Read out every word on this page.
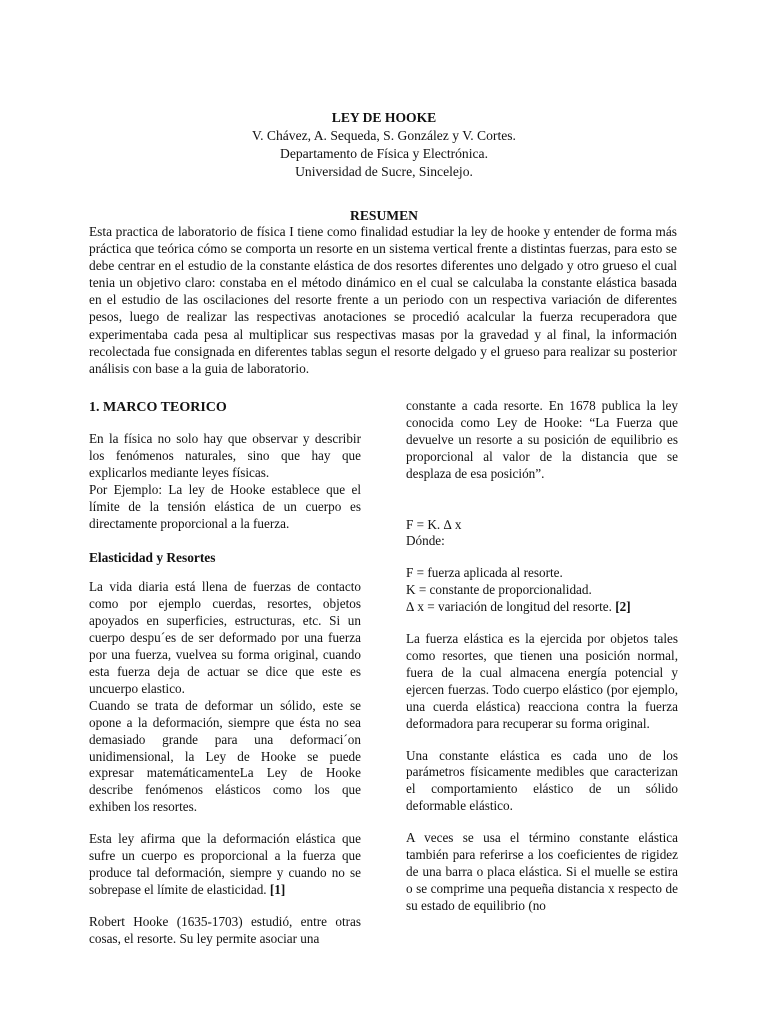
LEY DE HOOKE
V. Chávez, A. Sequeda, S. González y V. Cortes.
Departamento de Física y Electrónica.
Universidad de Sucre, Sincelejo.
RESUMEN

Esta practica de laboratorio de física I tiene como finalidad estudiar la ley de hooke y entender de forma más práctica que teórica cómo se comporta un resorte en un sistema vertical frente a distintas fuerzas, para esto se debe centrar en el estudio de la constante elástica de dos resortes diferentes uno delgado y otro grueso el cual tenia un objetivo claro: constaba en el método dinámico en el cual se calculaba la constante elástica basada en el estudio de las oscilaciones del resorte frente a un periodo con un respectiva variación de diferentes pesos, luego de realizar las respectivas anotaciones se procedió acalcular la fuerza recuperadora que experimentaba cada pesa al multiplicar sus respectivas masas por la gravedad y al final, la información recolectada fue consignada en diferentes tablas segun el resorte delgado y el grueso para realizar su posterior análisis con base a la guia de laboratorio.

1. MARCO TEORICO

En la física no solo hay que observar y describir los fenómenos naturales, sino que hay que explicarlos mediante leyes físicas.

Por Ejemplo: La ley de Hooke establece que el límite de la tensión elástica de un cuerpo es directamente proporcional a la fuerza.

Elasticidad y Resortes

La vida diaria está llena de fuerzas de contacto como por ejemplo cuerdas, resortes, objetos apoyados en superficies, estructuras, etc. Si un cuerpo despu´es de ser deformado por una fuerza por una fuerza, vuelvea su forma original, cuando esta fuerza deja de actuar se dice que este es uncuerpo elastico.

Cuando se trata de deformar un sólido, este se opone a la deformación, siempre que ésta no sea demasiado grande para una deformaci´on unidimensional, la Ley de Hooke se puede expresar matemáticamenteLa Ley de Hooke describe fenómenos elásticos como los que exhiben los resortes.

Esta ley afirma que la deformación elástica que sufre un cuerpo es proporcional a la fuerza que produce tal deformación, siempre y cuando no se sobrepase el límite de elasticidad. [1]

Robert Hooke (1635-1703) estudió, entre otras cosas, el resorte. Su ley permite asociar una

constante a cada resorte. En 1678 publica la ley conocida como Ley de Hooke: “La Fuerza que devuelve un resorte a su posición de equilibrio es proporcional al valor de la distancia que se desplaza de esa posición”.

F = K. ∆ x

Dónde:

F = fuerza aplicada al resorte.

K = constante de proporcionalidad.

∆ x = variación de longitud del resorte. [2]

La fuerza elástica es la ejercida por objetos tales como resortes, que tienen una posición normal, fuera de la cual almacena energía potencial y ejercen fuerzas. Todo cuerpo elástico (por ejemplo, una cuerda elástica) reacciona contra la fuerza deformadora para recuperar su forma original.

Una constante elástica es cada uno de los parámetros físicamente medibles que caracterizan el comportamiento elástico de un sólido deformable elástico.

A veces se usa el término constante elástica también para referirse a los coeficientes de rigidez de una barra o placa elástica. Si el muelle se estira o se comprime una pequeña distancia x respecto de su estado de equilibrio (no
